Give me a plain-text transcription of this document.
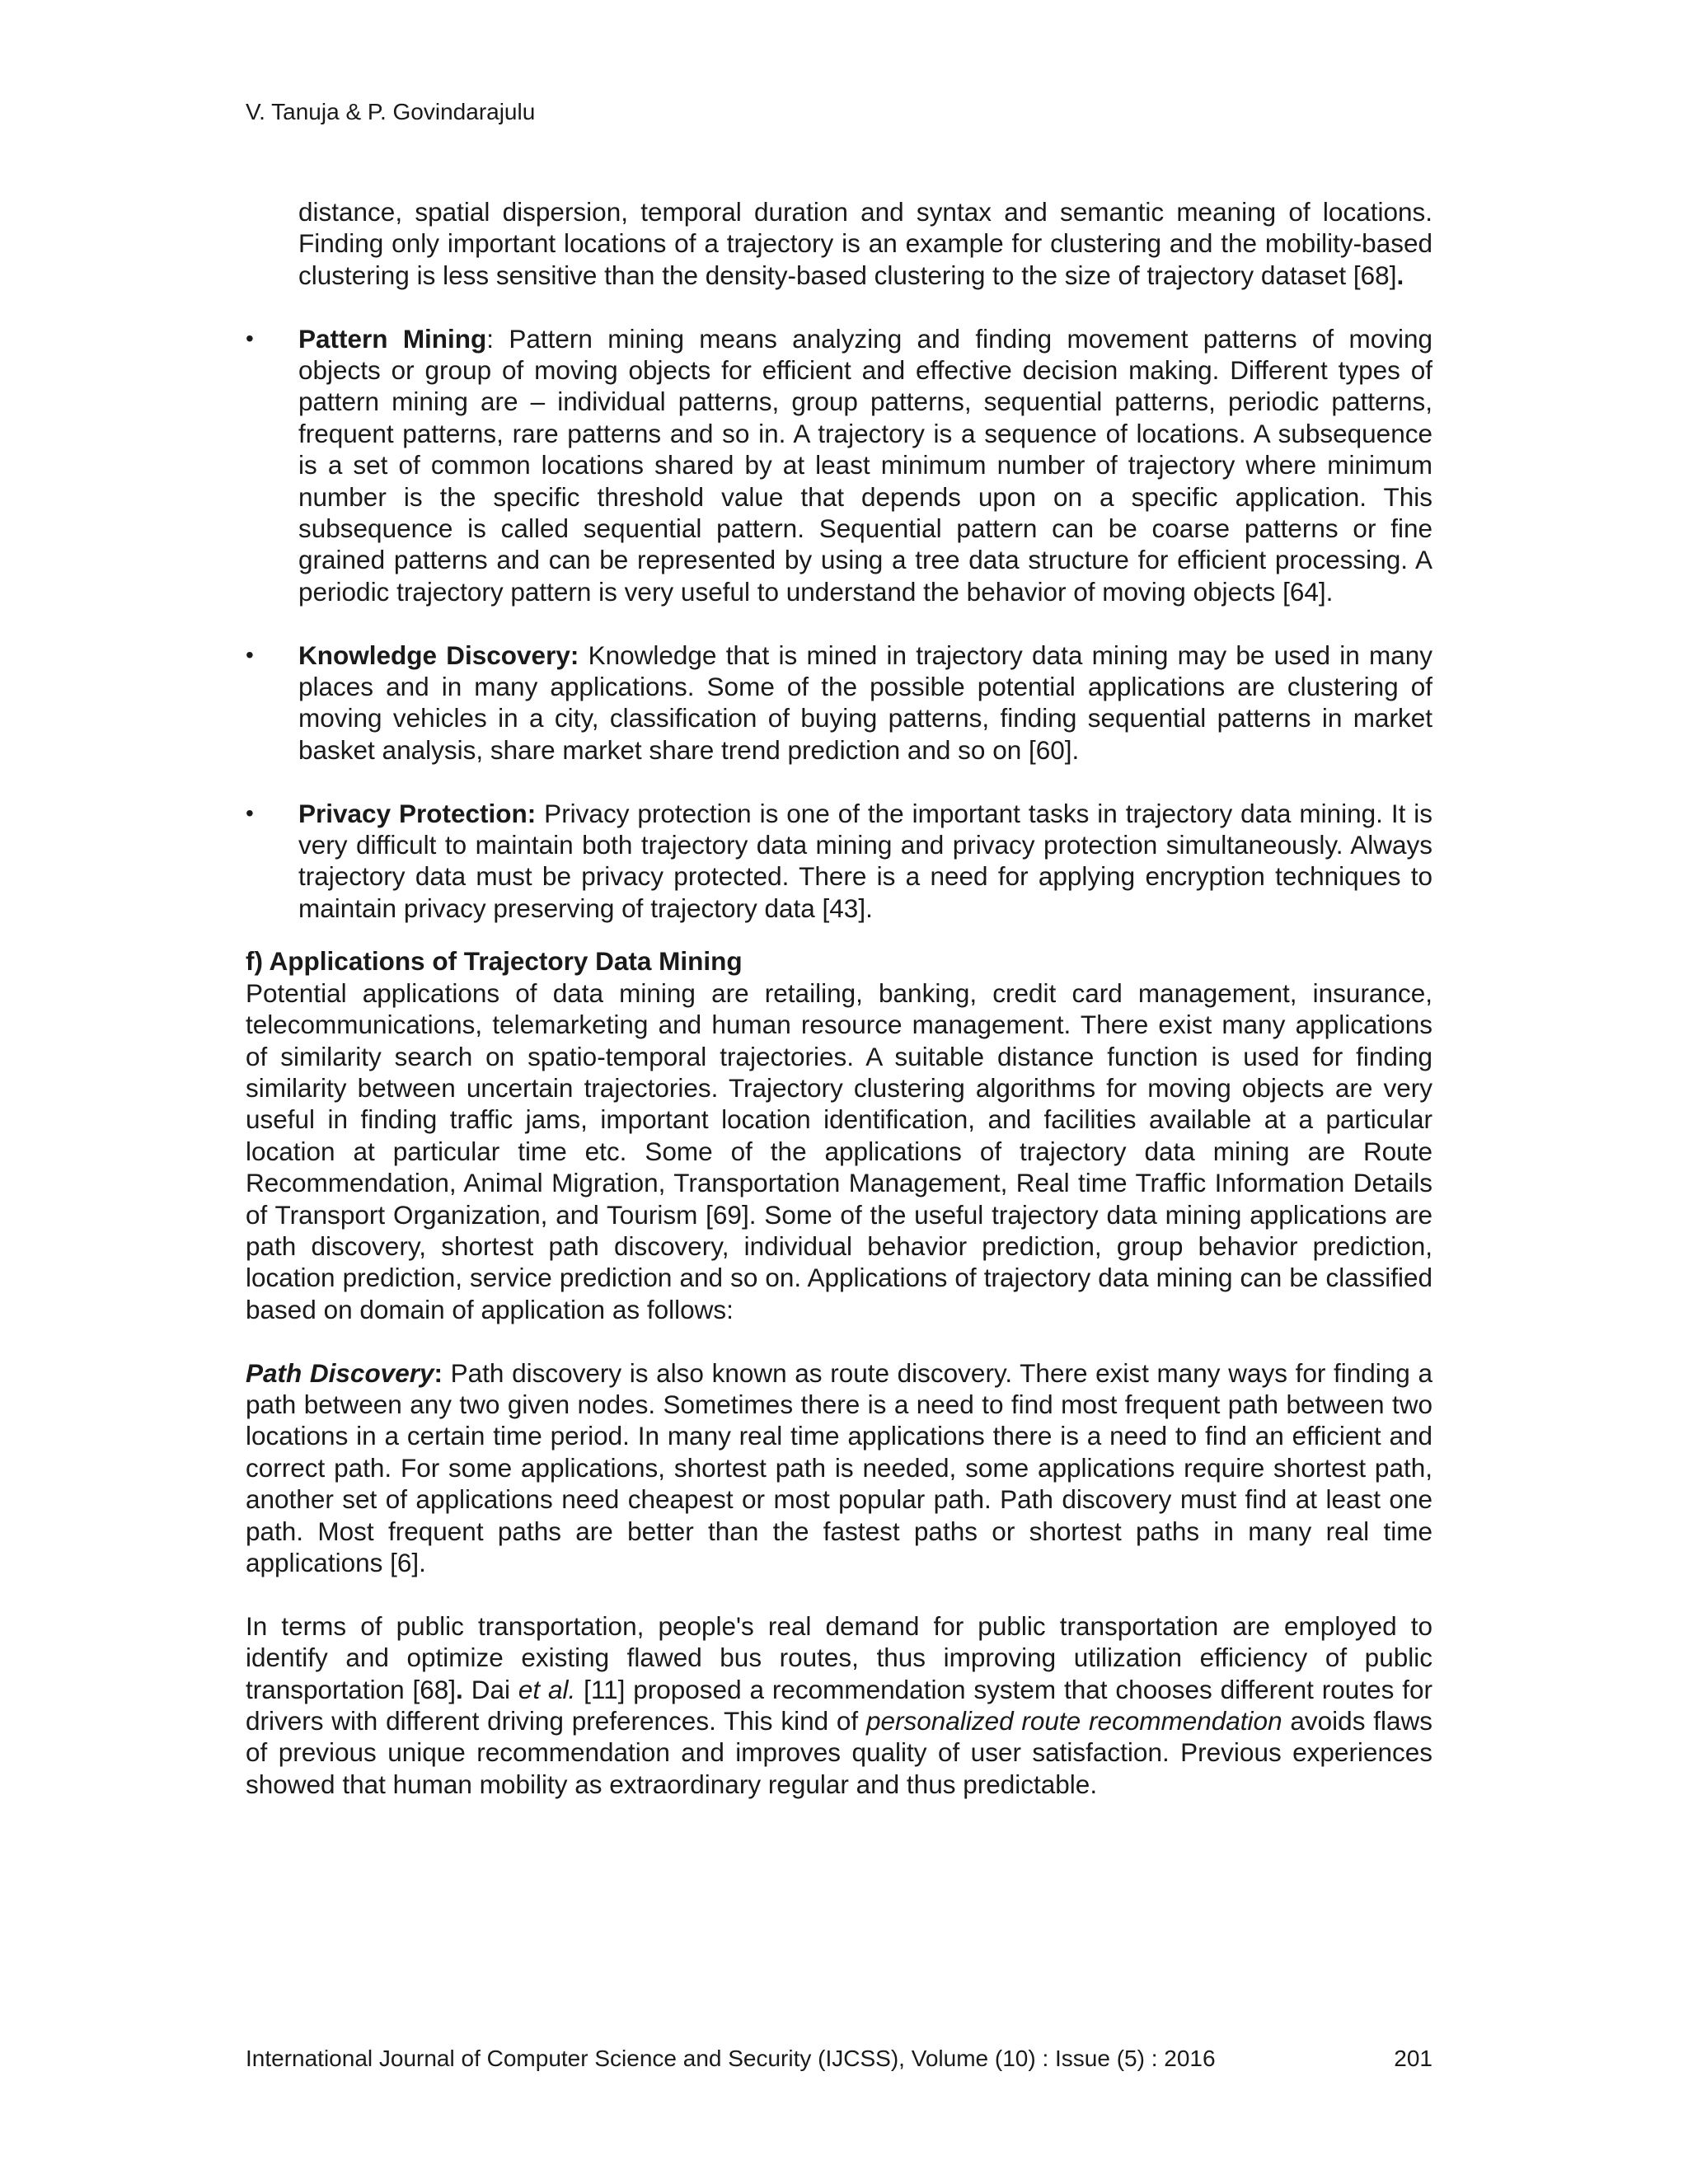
V. Tanuja & P. Govindarajulu

distance, spatial dispersion, temporal duration and syntax and semantic meaning of locations. Finding only important locations of a trajectory is an example for clustering and the mobility-based clustering is less sensitive than the density-based clustering to the size of trajectory dataset [68].

• Pattern Mining: Pattern mining means analyzing and finding movement patterns of moving objects or group of moving objects for efficient and effective decision making. Different types of pattern mining are – individual patterns, group patterns, sequential patterns, periodic patterns, frequent patterns, rare patterns and so in. A trajectory is a sequence of locations. A subsequence is a set of common locations shared by at least minimum number of trajectory where minimum number is the specific threshold value that depends upon on a specific application. This subsequence is called sequential pattern. Sequential pattern can be coarse patterns or fine grained patterns and can be represented by using a tree data structure for efficient processing. A periodic trajectory pattern is very useful to understand the behavior of moving objects [64].

• Knowledge Discovery: Knowledge that is mined in trajectory data mining may be used in many places and in many applications. Some of the possible potential applications are clustering of moving vehicles in a city, classification of buying patterns, finding sequential patterns in market basket analysis, share market share trend prediction and so on [60].

• Privacy Protection: Privacy protection is one of the important tasks in trajectory data mining. It is very difficult to maintain both trajectory data mining and privacy protection simultaneously. Always trajectory data must be privacy protected. There is a need for applying encryption techniques to maintain privacy preserving of trajectory data [43].

f) Applications of Trajectory Data Mining

Potential applications of data mining are retailing, banking, credit card management, insurance, telecommunications, telemarketing and human resource management. There exist many applications of similarity search on spatio-temporal trajectories. A suitable distance function is used for finding similarity between uncertain trajectories. Trajectory clustering algorithms for moving objects are very useful in finding traffic jams, important location identification, and facilities available at a particular location at particular time etc. Some of the applications of trajectory data mining are Route Recommendation, Animal Migration, Transportation Management, Real time Traffic Information Details of Transport Organization, and Tourism [69]. Some of the useful trajectory data mining applications are path discovery, shortest path discovery, individual behavior prediction, group behavior prediction, location prediction, service prediction and so on. Applications of trajectory data mining can be classified based on domain of application as follows:

Path Discovery: Path discovery is also known as route discovery. There exist many ways for finding a path between any two given nodes. Sometimes there is a need to find most frequent path between two locations in a certain time period. In many real time applications there is a need to find an efficient and correct path. For some applications, shortest path is needed, some applications require shortest path, another set of applications need cheapest or most popular path. Path discovery must find at least one path. Most frequent paths are better than the fastest paths or shortest paths in many real time applications [6].

In terms of public transportation, people's real demand for public transportation are employed to identify and optimize existing flawed bus routes, thus improving utilization efficiency of public transportation [68]. Dai et al. [11] proposed a recommendation system that chooses different routes for drivers with different driving preferences. This kind of personalized route recommendation avoids flaws of previous unique recommendation and improves quality of user satisfaction. Previous experiences showed that human mobility as extraordinary regular and thus predictable.

International Journal of Computer Science and Security (IJCSS), Volume (10) : Issue (5) : 2016	201
